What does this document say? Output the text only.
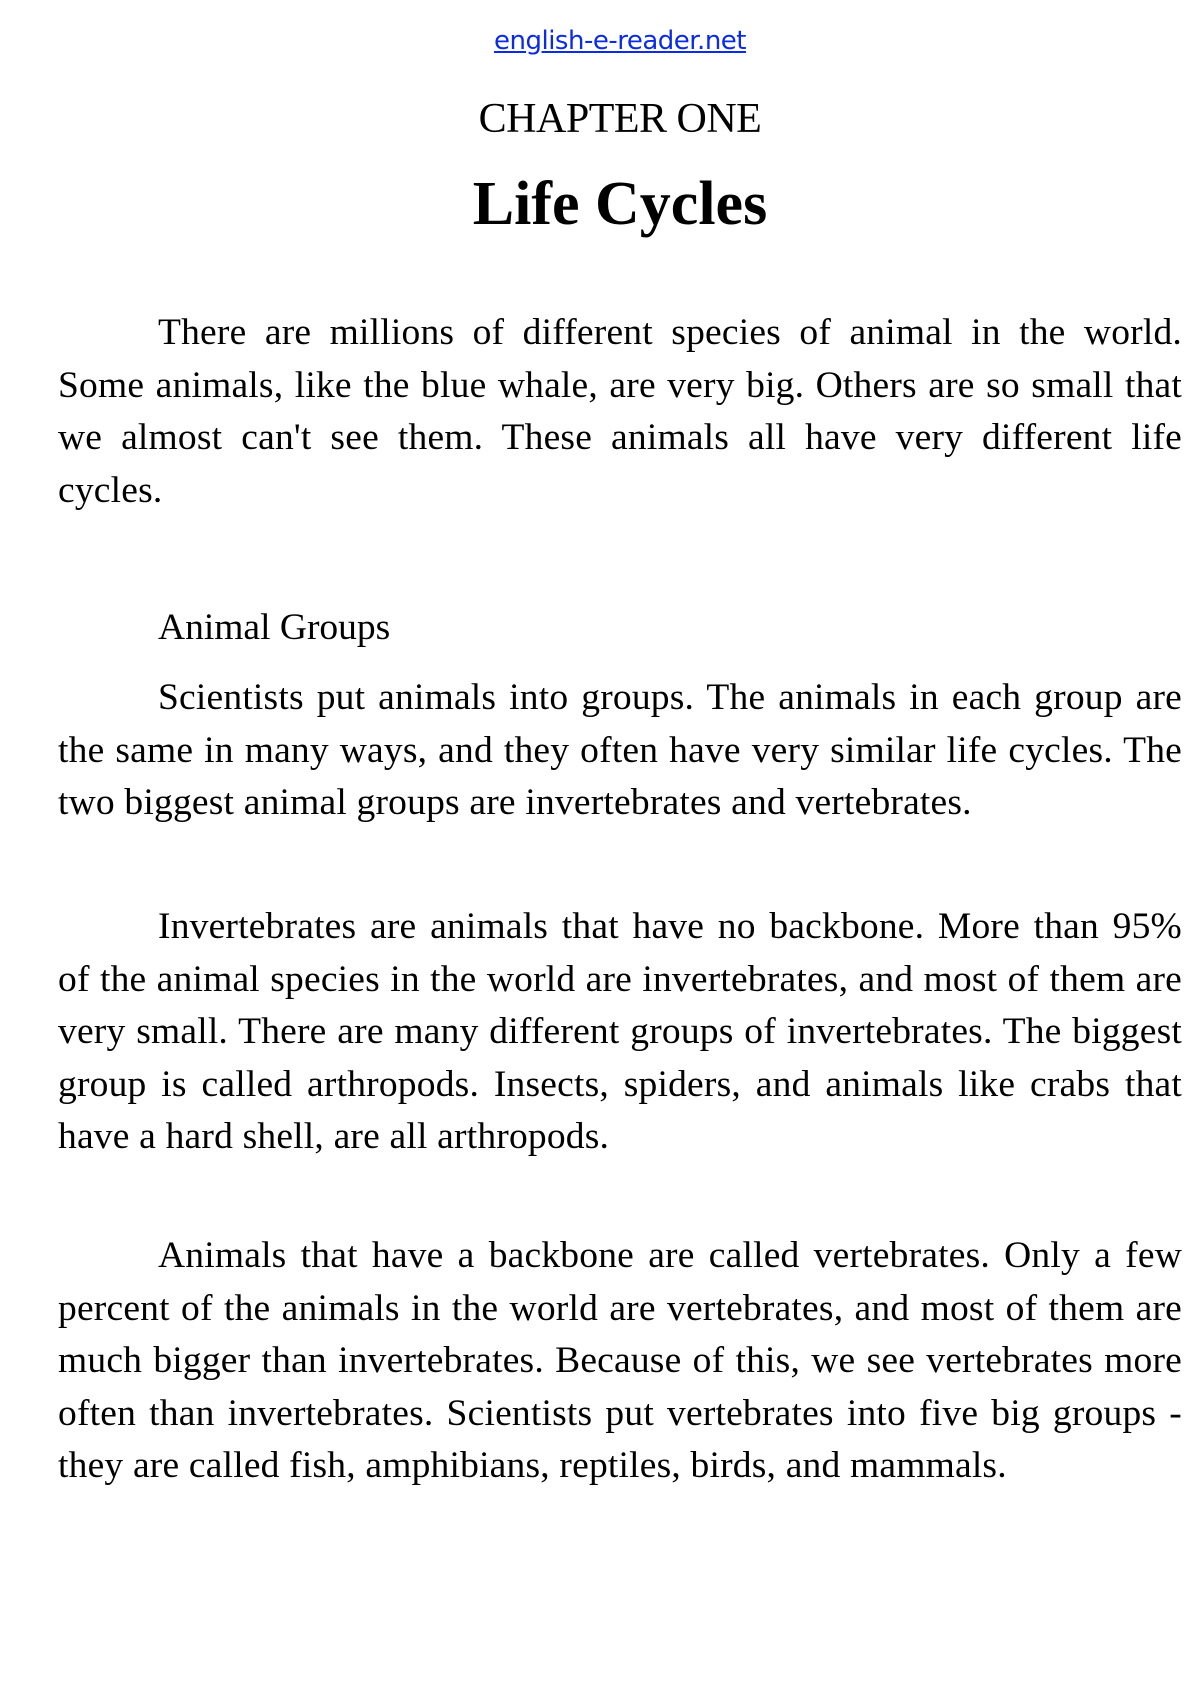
english-e-reader.net
CHAPTER ONE
Life Cycles

There are millions of different species of animal in the world. Some animals, like the blue whale, are very big. Others are so small that we almost can't see them. These animals all have very different life cycles.

Animal Groups

Scientists put animals into groups. The animals in each group are the same in many ways, and they often have very similar life cycles. The two biggest animal groups are invertebrates and vertebrates.

Invertebrates are animals that have no backbone. More than 95% of the animal species in the world are invertebrates, and most of them are very small. There are many different groups of invertebrates. The biggest group is called arthropods. Insects, spiders, and animals like crabs that have a hard shell, are all arthropods.

Animals that have a backbone are called vertebrates. Only a few percent of the animals in the world are vertebrates, and most of them are much bigger than invertebrates. Because of this, we see vertebrates more often than invertebrates. Scientists put vertebrates into five big groups - they are called fish, amphibians, reptiles, birds, and mammals.
